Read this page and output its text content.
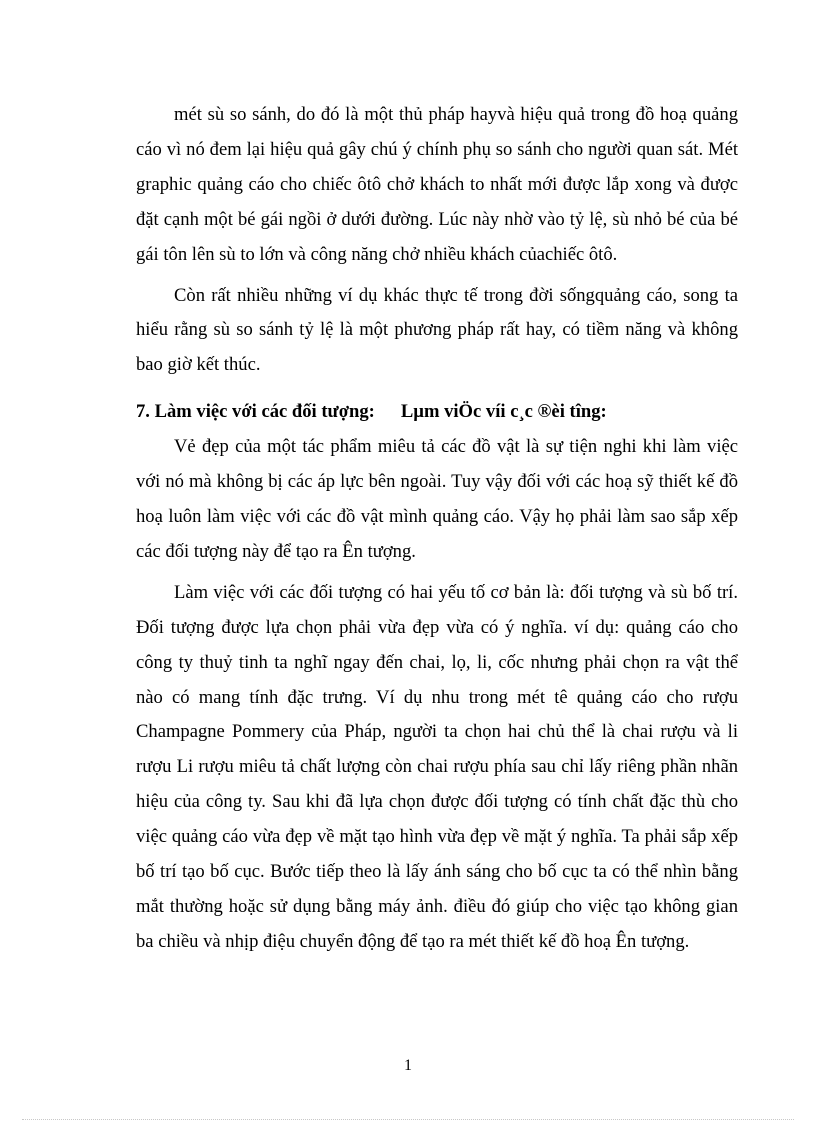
mét sù so sánh, do đó là một thủ pháp hayvà hiệu quả trong đồ hoạ quảng cáo vì nó đem lại hiệu quả gây chú ý chính phụ so sánh cho người quan sát. Mét graphic quảng cáo cho chiếc ôtô chở khách to nhất mới được lắp xong và được đặt cạnh một bé gái ngồi ở dưới đường. Lúc này nhờ vào tỷ lệ, sù nhỏ bé của bé gái tôn lên sù to lớn và công năng chở nhiều khách củachiếc ôtô.

Còn rất nhiều những ví dụ khác thực tế trong đời sốngquảng cáo, song ta hiểu rằng sù so sánh tỷ lệ là một phương pháp rất hay, có tiềm năng và không bao giờ kết thúc.

7. Làm việc với các đối tượng: Lµm viÖc víi c¸c ®èi tîng:

Vẻ đẹp của một tác phẩm miêu tả các đồ vật là sự tiện nghi khi làm việc với nó mà không bị các áp lực bên ngoài. Tuy vậy đối với các hoạ sỹ thiết kế đồ hoạ luôn làm việc với các đồ vật mình quảng cáo. Vậy họ phải làm sao sắp xếp các đối tượng này để tạo ra Ên tượng.

Làm việc với các đối tượng có hai yếu tố cơ bản là: đối tượng và sù bố trí. Đối tượng được lựa chọn phải vừa đẹp vừa có ý nghĩa. ví dụ: quảng cáo cho công ty thuỷ tinh ta nghĩ ngay đến chai, lọ, li, cốc nhưng phải chọn ra vật thể nào có mang tính đặc trưng. Ví dụ nhu trong mét tê quảng cáo cho rượu Champagne Pommery của Pháp, người ta chọn hai chủ thể là chai rượu và li rượu Li rượu miêu tả chất lượng còn chai rượu phía sau chỉ lấy riêng phần nhãn hiệu của công ty. Sau khi đã lựa chọn được đối tượng có tính chất đặc thù cho việc quảng cáo vừa đẹp về mặt tạo hình vừa đẹp về mặt ý nghĩa. Ta phải sắp xếp bố trí tạo bố cục. Bước tiếp theo là lấy ánh sáng cho bố cục ta có thể nhìn bằng mắt thường hoặc sử dụng bằng máy ảnh. điều đó giúp cho việc tạo không gian ba chiều và nhịp điệu chuyển động để tạo ra mét thiết kế đồ hoạ Ên tượng.

1
